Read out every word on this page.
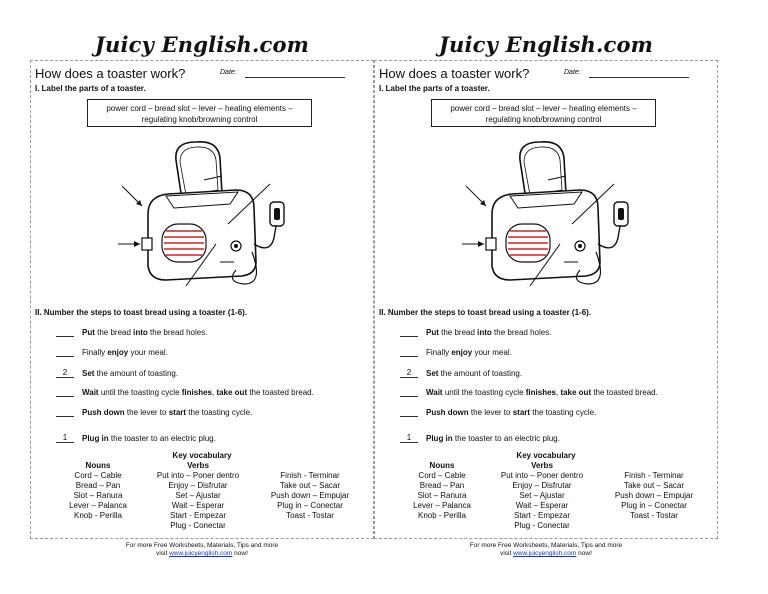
Juicy English.com
How does a toaster work?	Date:
I. Label the parts of a toaster.
power cord – bread slot – lever – heating elements –
regulating knob/browning control
II. Number the steps to toast bread using a toaster (1-6).
Put the bread into the bread holes.
Finally enjoy your meal.
2 Set the amount of toasting.
Wait until the toasting cycle finishes, take out the toasted bread.
Push down the lever to start the toasting cycle.
1 Plug in the toaster to an electric plug.
Key vocabulary
Nouns
Cord – Cable
Bread – Pan
Slot – Ranura
Lever – Palanca
Knob - Perilla
Verbs
Put into – Poner dentro
Enjoy – Disfrutar
Set – Ajustar
Wait – Esperar
Start - Empezar
Plug - Conectar

Finish - Terminar
Take out – Sacar
Push down – Empujar
Plug in – Conectar
Toast - Tostar
For more Free Worksheets, Materials, Tips and more
visit www.juicyenglish.com now!
Juicy English.com
How does a toaster work?	Date:
I. Label the parts of a toaster.
power cord – bread slot – lever – heating elements –
regulating knob/browning control
II. Number the steps to toast bread using a toaster (1-6).
Put the bread into the bread holes.
Finally enjoy your meal.
2 Set the amount of toasting.
Wait until the toasting cycle finishes, take out the toasted bread.
Push down the lever to start the toasting cycle.
1 Plug in the toaster to an electric plug.
Key vocabulary
Nouns
Cord – Cable
Bread – Pan
Slot – Ranura
Lever – Palanca
Knob - Perilla
Verbs
Put into – Poner dentro
Enjoy – Disfrutar
Set – Ajustar
Wait – Esperar
Start - Empezar
Plug - Conectar

Finish - Terminar
Take out – Sacar
Push down – Empujar
Plug in – Conectar
Toast - Tostar
For more Free Worksheets, Materials, Tips and more
visit www.juicyenglish.com now!
